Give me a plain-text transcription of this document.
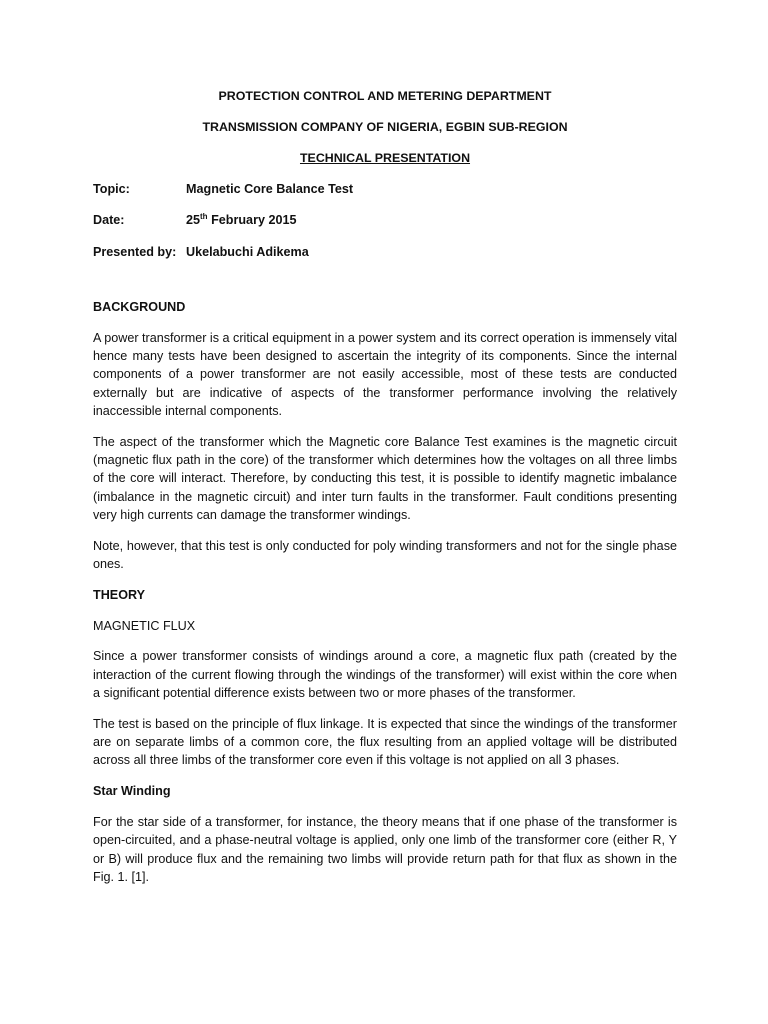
PROTECTION CONTROL AND METERING DEPARTMENT
TRANSMISSION COMPANY OF NIGERIA, EGBIN SUB-REGION
TECHNICAL PRESENTATION
Topic:	Magnetic Core Balance Test
Date:	25th February 2015
Presented by: Ukelabuchi Adikema
BACKGROUND

A power transformer is a critical equipment in a power system and its correct operation is immensely vital hence many tests have been designed to ascertain the integrity of its components. Since the internal components of a power transformer are not easily accessible, most of these tests are conducted externally but are indicative of aspects of the transformer performance involving the relatively inaccessible internal components.

The aspect of the transformer which the Magnetic core Balance Test examines is the magnetic circuit (magnetic flux path in the core) of the transformer which determines how the voltages on all three limbs of the core will interact. Therefore, by conducting this test, it is possible to identify magnetic imbalance (imbalance in the magnetic circuit) and inter turn faults in the transformer. Fault conditions presenting very high currents can damage the transformer windings.

Note, however, that this test is only conducted for poly winding transformers and not for the single phase ones.

THEORY
MAGNETIC FLUX

Since a power transformer consists of windings around a core, a magnetic flux path (created by the interaction of the current flowing through the windings of the transformer) will exist within the core when a significant potential difference exists between two or more phases of the transformer.

The test is based on the principle of flux linkage. It is expected that since the windings of the transformer are on separate limbs of a common core, the flux resulting from an applied voltage will be distributed across all three limbs of the transformer core even if this voltage is not applied on all 3 phases.

Star Winding

For the star side of a transformer, for instance, the theory means that if one phase of the transformer is open-circuited, and a phase-neutral voltage is applied, only one limb of the transformer core (either R, Y or B) will produce flux and the remaining two limbs will provide return path for that flux as shown in the Fig. 1. [1].
